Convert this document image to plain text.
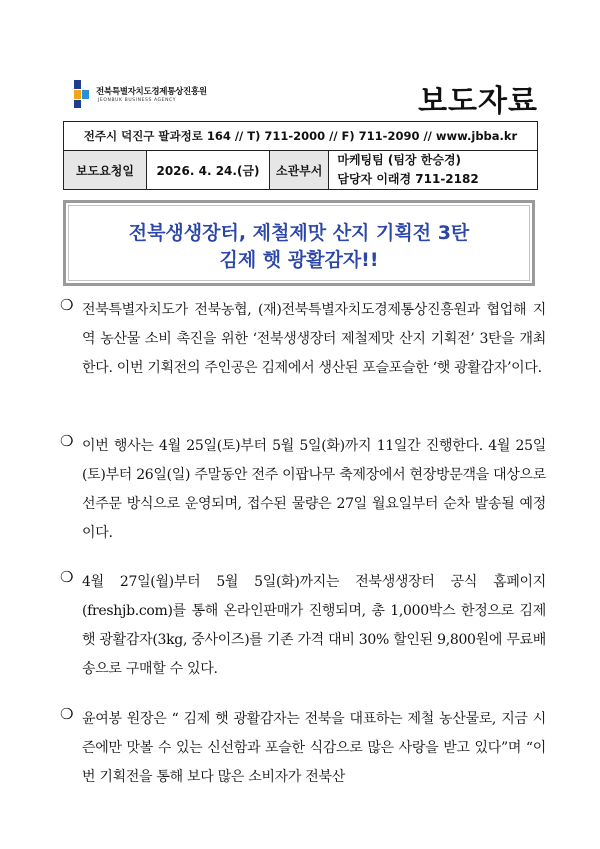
전북특별자치도경제통상진흥원
JEONBUK BUSINESS AGENCY	보도자료
전주시 덕진구 팔과정로 164 // T) 711-2000 // F) 711-2090 // www.jbba.kr
보도요청일	2026. 4. 24.(금)	소관부서	
마케팅팀 (팀장 한승경)
담당자 이래경 711-2182
전북생생장터, 제철제맛 산지 기획전 3탄
김제 햇 광활감자!!
❍ 전북특별자치도가 전북농협, (재)전북특별자치도경제통상진흥원과 협업해 지역 농산물 소비 촉진을 위한 ‘전북생생장터 제철제맛 산지 기획전’ 3탄을 개최한다. 이번 기획전의 주인공은 김제에서 생산된 포슬포슬한 ‘햇 광활감자’이다.

❍ 이번 행사는 4월 25일(토)부터 5월 5일(화)까지 11일간 진행한다. 4월 25일(토)부터 26일(일) 주말동안 전주 이팝나무 축제장에서 현장방문객을 대상으로 선주문 방식으로 운영되며, 접수된 물량은 27일 월요일부터 순차 발송될 예정이다.

❍ 4월 27일(월)부터 5월 5일(화)까지는 전북생생장터 공식 홈페이지(freshjb.com)를 통해 온라인판매가 진행되며, 총 1,000박스 한정으로 김제 햇 광활감자(3kg, 중사이즈)를 기존 가격 대비 30% 할인된 9,800원에 무료배송으로 구매할 수 있다.

❍ 윤여봉 원장은 “ 김제 햇 광활감자는 전북을 대표하는 제철 농산물로, 지금 시즌에만 맛볼 수 있는 신선함과 포슬한 식감으로 많은 사랑을 받고 있다”며 “이번 기획전을 통해 보다 많은 소비자가 전북산
